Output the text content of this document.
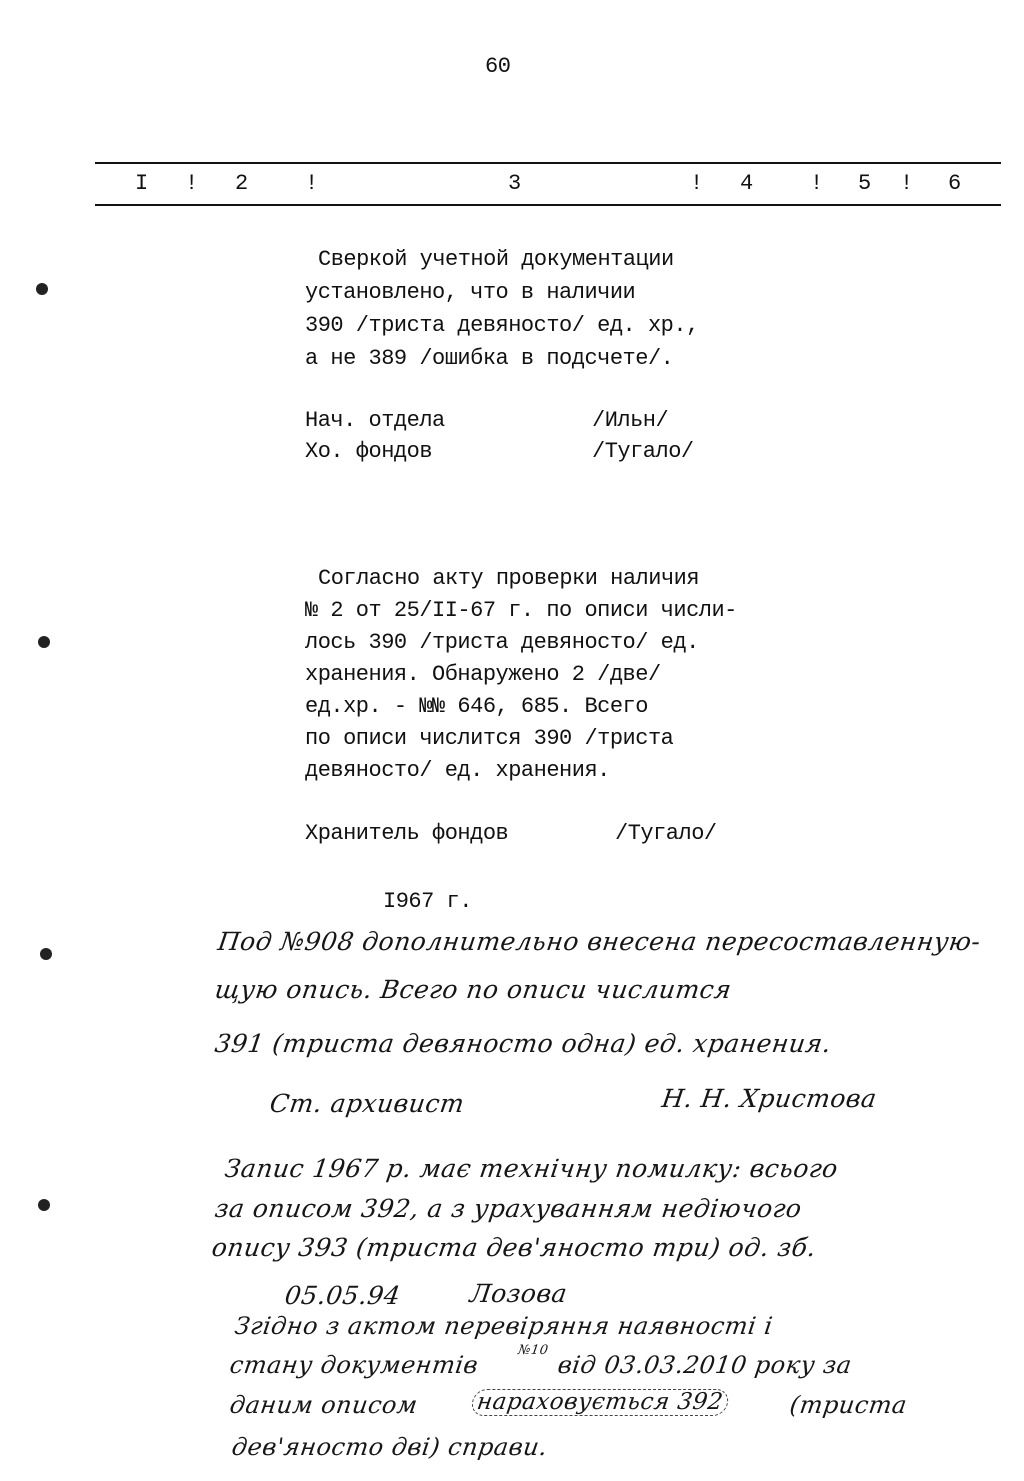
60
I ! 2	!	3	! 4	! 5 ! 6
Сверкой учетной документации
установлено, что в наличии
390 /триста девяносто/ ед. хр.,
а не 389 /ошибка в подсчете/.
Нач. отдела	/Ильн/
Хо. фондов	/Тугало/
Согласно акту проверки наличия
№ 2 от 25/II-67 г. по описи числи-
лось 390 /триста девяносто/ ед.
хранения. Обнаружено 2 /две/
ед.хр. - №№ 646, 685. Всего
по описи числится 390 /триста
девяносто/ ед. хранения.
Хранитель фондов	/Тугало/
I967 г.
Под №908 дополнительно внесена пересоставленную-
щую опись. Всего по описи числится
391 (триста девяносто одна) ед. хранения.
Ст. архивист	Н. Н. Христова
Запис 1967 р. має технічну помилку: всього
за описом 392, а з урахуванням недіючого
опису 393 (триста дев'яносто три) од. зб.
05.05.94	Лозова
Згідно з актом перевіряння наявності і
стану документів
№10
від 03.03.2010 року за
даним описом нараховується 392	(триста
дев'яносто дві) справи.
